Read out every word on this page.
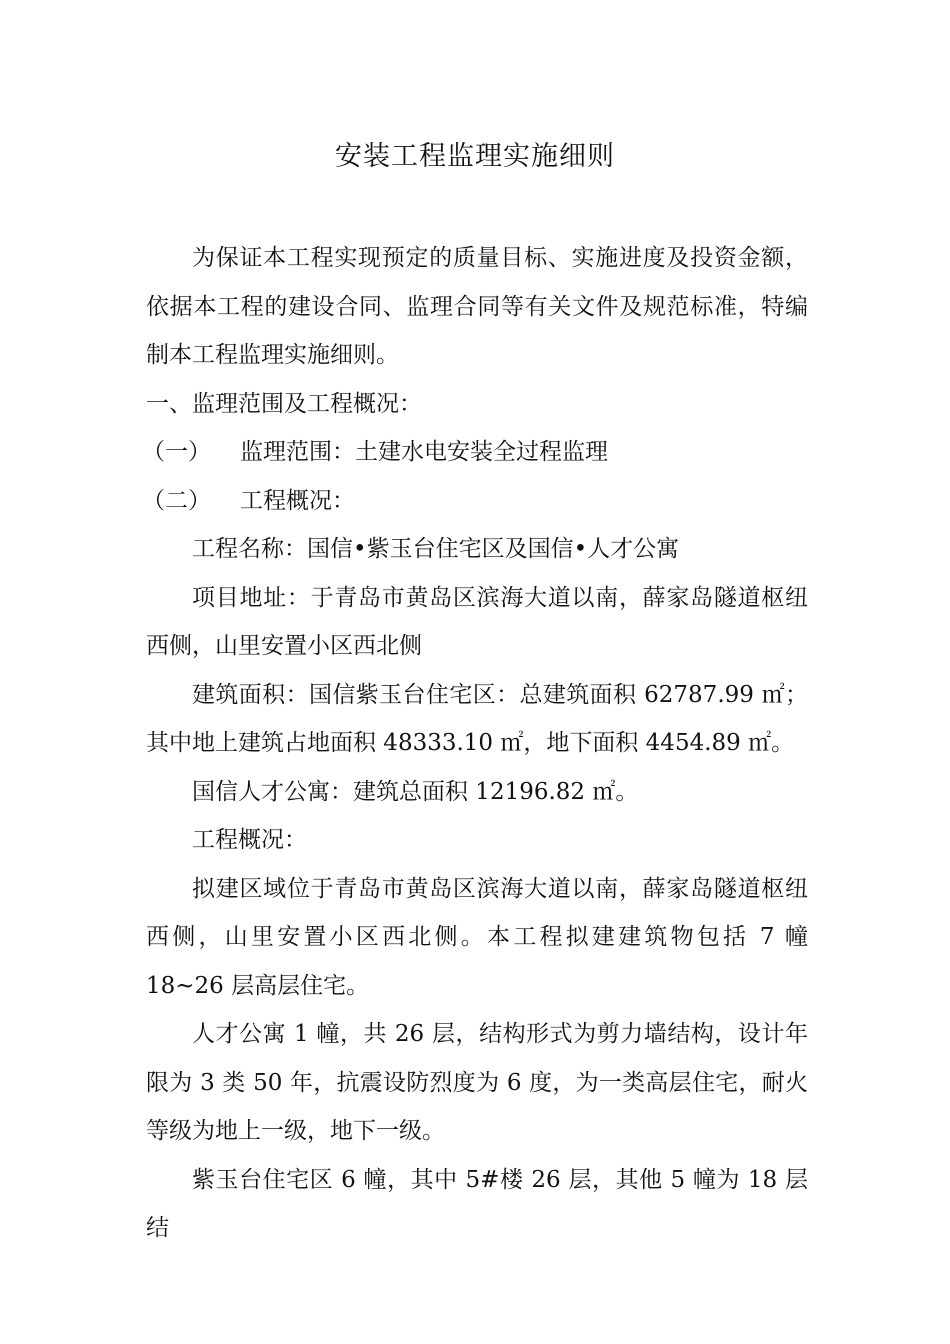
安装工程监理实施细则

为保证本工程实现预定的质量目标、实施进度及投资金额，依据本工程的建设合同、监理合同等有关文件及规范标准，特编制本工程监理实施细则。

一、监理范围及工程概况：

（一）	监理范围：土建水电安装全过程监理
（二）	工程概况：

工程名称：国信•紫玉台住宅区及国信•人才公寓

项目地址：于青岛市黄岛区滨海大道以南，薛家岛隧道枢纽西侧，山里安置小区西北侧

建筑面积：国信紫玉台住宅区：总建筑面积 62787.99 ㎡；其中地上建筑占地面积 48333.10 ㎡，地下面积 4454.89 ㎡。

国信人才公寓：建筑总面积 12196.82 ㎡。

工程概况：

拟建区域位于青岛市黄岛区滨海大道以南，薛家岛隧道枢纽西侧，山里安置小区西北侧。本工程拟建建筑物包括 7 幢 18~26 层高层住宅。

人才公寓 1 幢，共 26 层，结构形式为剪力墙结构，设计年限为 3 类 50 年，抗震设防烈度为 6 度，为一类高层住宅，耐火等级为地上一级，地下一级。

紫玉台住宅区 6 幢，其中 5#楼 26 层，其他 5 幢为 18 层结
